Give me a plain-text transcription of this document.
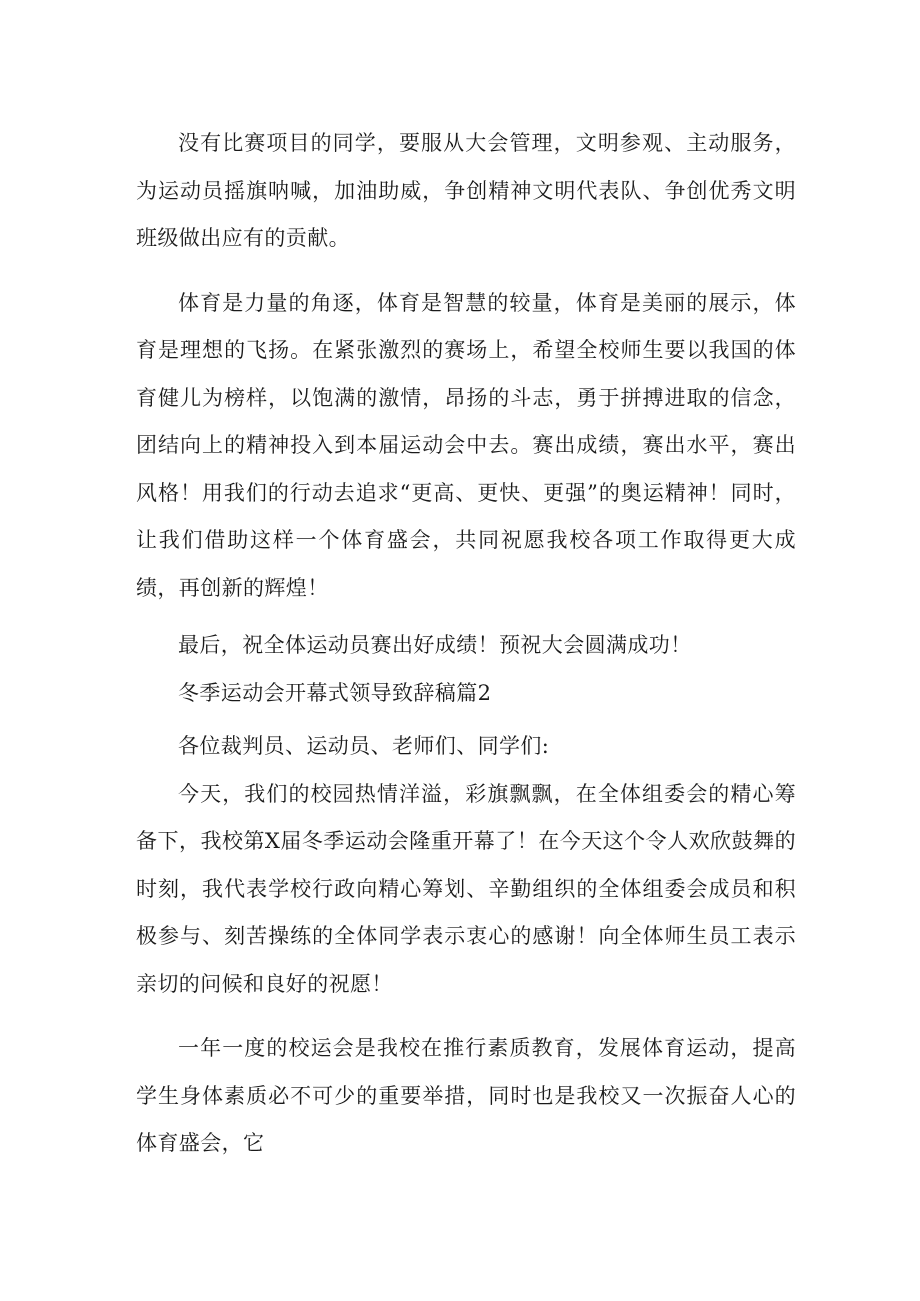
没有比赛项目的同学，要服从大会管理，文明参观、主动服务，为运动员摇旗呐喊，加油助威，争创精神文明代表队、争创优秀文明班级做出应有的贡献。

体育是力量的角逐，体育是智慧的较量，体育是美丽的展示，体育是理想的飞扬。在紧张激烈的赛场上，希望全校师生要以我国的体育健儿为榜样，以饱满的激情，昂扬的斗志，勇于拼搏进取的信念，团结向上的精神投入到本届运动会中去。赛出成绩，赛出水平，赛出风格！用我们的行动去追求“更高、更快、更强”的奥运精神！同时，让我们借助这样一个体育盛会，共同祝愿我校各项工作取得更大成绩，再创新的辉煌！

最后，祝全体运动员赛出好成绩！预祝大会圆满成功！

冬季运动会开幕式领导致辞稿篇2

各位裁判员、运动员、老师们、同学们:

今天，我们的校园热情洋溢，彩旗飘飘，在全体组委会的精心筹备下，我校第X届冬季运动会隆重开幕了！在今天这个令人欢欣鼓舞的时刻，我代表学校行政向精心筹划、辛勤组织的全体组委会成员和积极参与、刻苦操练的全体同学表示衷心的感谢！向全体师生员工表示亲切的问候和良好的祝愿！

一年一度的校运会是我校在推行素质教育，发展体育运动，提高学生身体素质必不可少的重要举措，同时也是我校又一次振奋人心的体育盛会，它
